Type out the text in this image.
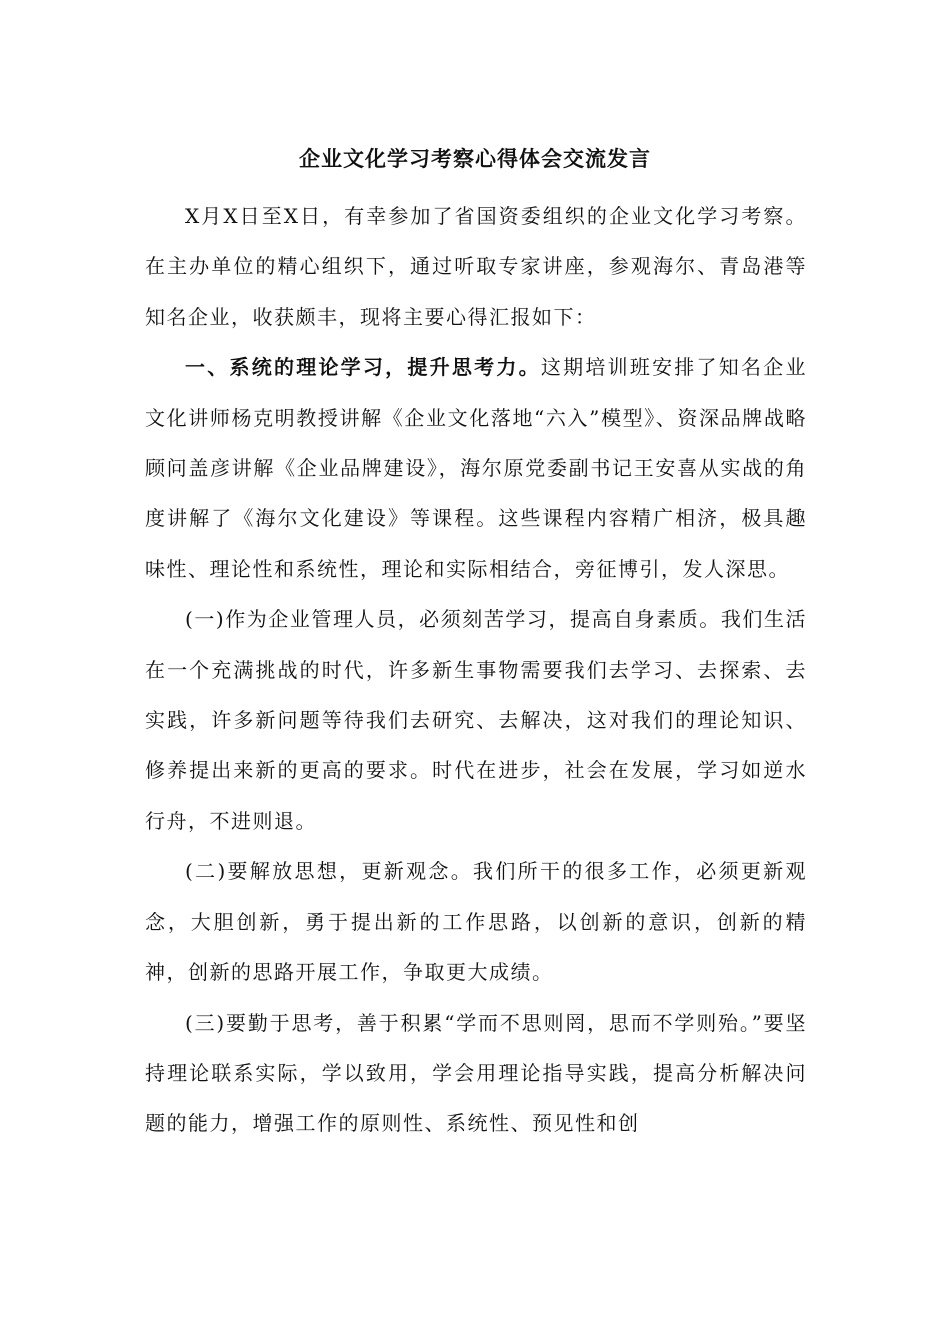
企业文化学习考察心得体会交流发言

X月X日至X日，有幸参加了省国资委组织的企业文化学习考察。在主办单位的精心组织下，通过听取专家讲座，参观海尔、青岛港等知名企业，收获颇丰，现将主要心得汇报如下：

一、系统的理论学习，提升思考力。这期培训班安排了知名企业文化讲师杨克明教授讲解《企业文化落地“六入”模型》、资深品牌战略顾问盖彦讲解《企业品牌建设》，海尔原党委副书记王安喜从实战的角度讲解了《海尔文化建设》等课程。这些课程内容精广相济，极具趣味性、理论性和系统性，理论和实际相结合，旁征博引，发人深思。

(一)作为企业管理人员，必须刻苦学习，提高自身素质。我们生活在一个充满挑战的时代，许多新生事物需要我们去学习、去探索、去实践，许多新问题等待我们去研究、去解决，这对我们的理论知识、修养提出来新的更高的要求。时代在进步，社会在发展，学习如逆水行舟，不进则退。

(二)要解放思想，更新观念。我们所干的很多工作，必须更新观念，大胆创新，勇于提出新的工作思路，以创新的意识，创新的精神，创新的思路开展工作，争取更大成绩。

(三)要勤于思考，善于积累“学而不思则罔，思而不学则殆。”要坚持理论联系实际，学以致用，学会用理论指导实践，提高分析解决问题的能力，增强工作的原则性、系统性、预见性和创
